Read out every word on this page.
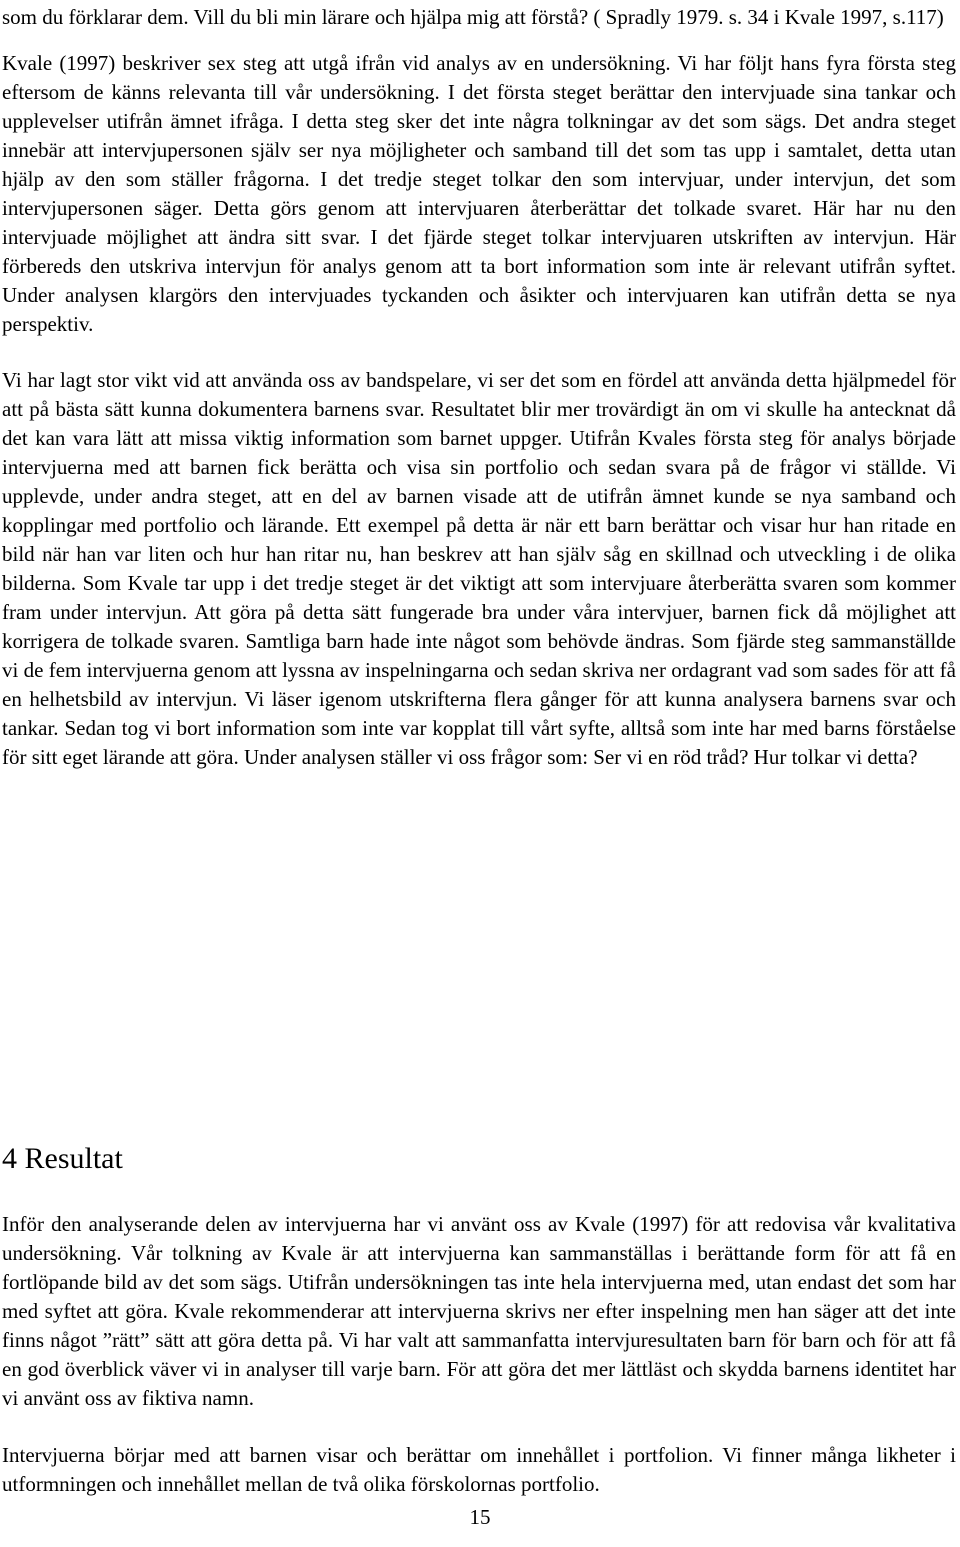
som du förklarar dem. Vill du bli min lärare och hjälpa mig att förstå? ( Spradly 1979. s. 34 i Kvale 1997, s.117)

Kvale (1997) beskriver sex steg att utgå ifrån vid analys av en undersökning. Vi har följt hans fyra första steg eftersom de känns relevanta till vår undersökning. I det första steget berättar den intervjuade sina tankar och upplevelser utifrån ämnet ifråga. I detta steg sker det inte några tolkningar av det som sägs. Det andra steget innebär att intervjupersonen själv ser nya möjligheter och samband till det som tas upp i samtalet, detta utan hjälp av den som ställer frågorna. I det tredje steget tolkar den som intervjuar, under intervjun, det som intervjupersonen säger. Detta görs genom att intervjuaren återberättar det tolkade svaret. Här har nu den intervjuade möjlighet att ändra sitt svar. I det fjärde steget tolkar intervjuaren utskriften av intervjun. Här förbereds den utskriva intervjun för analys genom att ta bort information som inte är relevant utifrån syftet. Under analysen klargörs den intervjuades tyckanden och åsikter och intervjuaren kan utifrån detta se nya perspektiv.

Vi har lagt stor vikt vid att använda oss av bandspelare, vi ser det som en fördel att använda detta hjälpmedel för att på bästa sätt kunna dokumentera barnens svar. Resultatet blir mer trovärdigt än om vi skulle ha antecknat då det kan vara lätt att missa viktig information som barnet uppger. Utifrån Kvales första steg för analys började intervjuerna med att barnen fick berätta och visa sin portfolio och sedan svara på de frågor vi ställde. Vi upplevde, under andra steget, att en del av barnen visade att de utifrån ämnet kunde se nya samband och kopplingar med portfolio och lärande. Ett exempel på detta är när ett barn berättar och visar hur han ritade en bild när han var liten och hur han ritar nu, han beskrev att han själv såg en skillnad och utveckling i de olika bilderna. Som Kvale tar upp i det tredje steget är det viktigt att som intervjuare återberätta svaren som kommer fram under intervjun. Att göra på detta sätt fungerade bra under våra intervjuer, barnen fick då möjlighet att korrigera de tolkade svaren. Samtliga barn hade inte något som behövde ändras. Som fjärde steg sammanställde vi de fem intervjuerna genom att lyssna av inspelningarna och sedan skriva ner ordagrant vad som sades för att få en helhetsbild av intervjun. Vi läser igenom utskrifterna flera gånger för att kunna analysera barnens svar och tankar. Sedan tog vi bort information som inte var kopplat till vårt syfte, alltså som inte har med barns förståelse för sitt eget lärande att göra. Under analysen ställer vi oss frågor som: Ser vi en röd tråd? Hur tolkar vi detta?

4 Resultat

Inför den analyserande delen av intervjuerna har vi använt oss av Kvale (1997) för att redovisa vår kvalitativa undersökning. Vår tolkning av Kvale är att intervjuerna kan sammanställas i berättande form för att få en fortlöpande bild av det som sägs. Utifrån undersökningen tas inte hela intervjuerna med, utan endast det som har med syftet att göra. Kvale rekommenderar att intervjuerna skrivs ner efter inspelning men han säger att det inte finns något ”rätt” sätt att göra detta på. Vi har valt att sammanfatta intervjuresultaten barn för barn och för att få en god överblick väver vi in analyser till varje barn. För att göra det mer lättläst och skydda barnens identitet har vi använt oss av fiktiva namn.

Intervjuerna börjar med att barnen visar och berättar om innehållet i portfolion. Vi finner många likheter i utformningen och innehållet mellan de två olika förskolornas portfolio.

15
